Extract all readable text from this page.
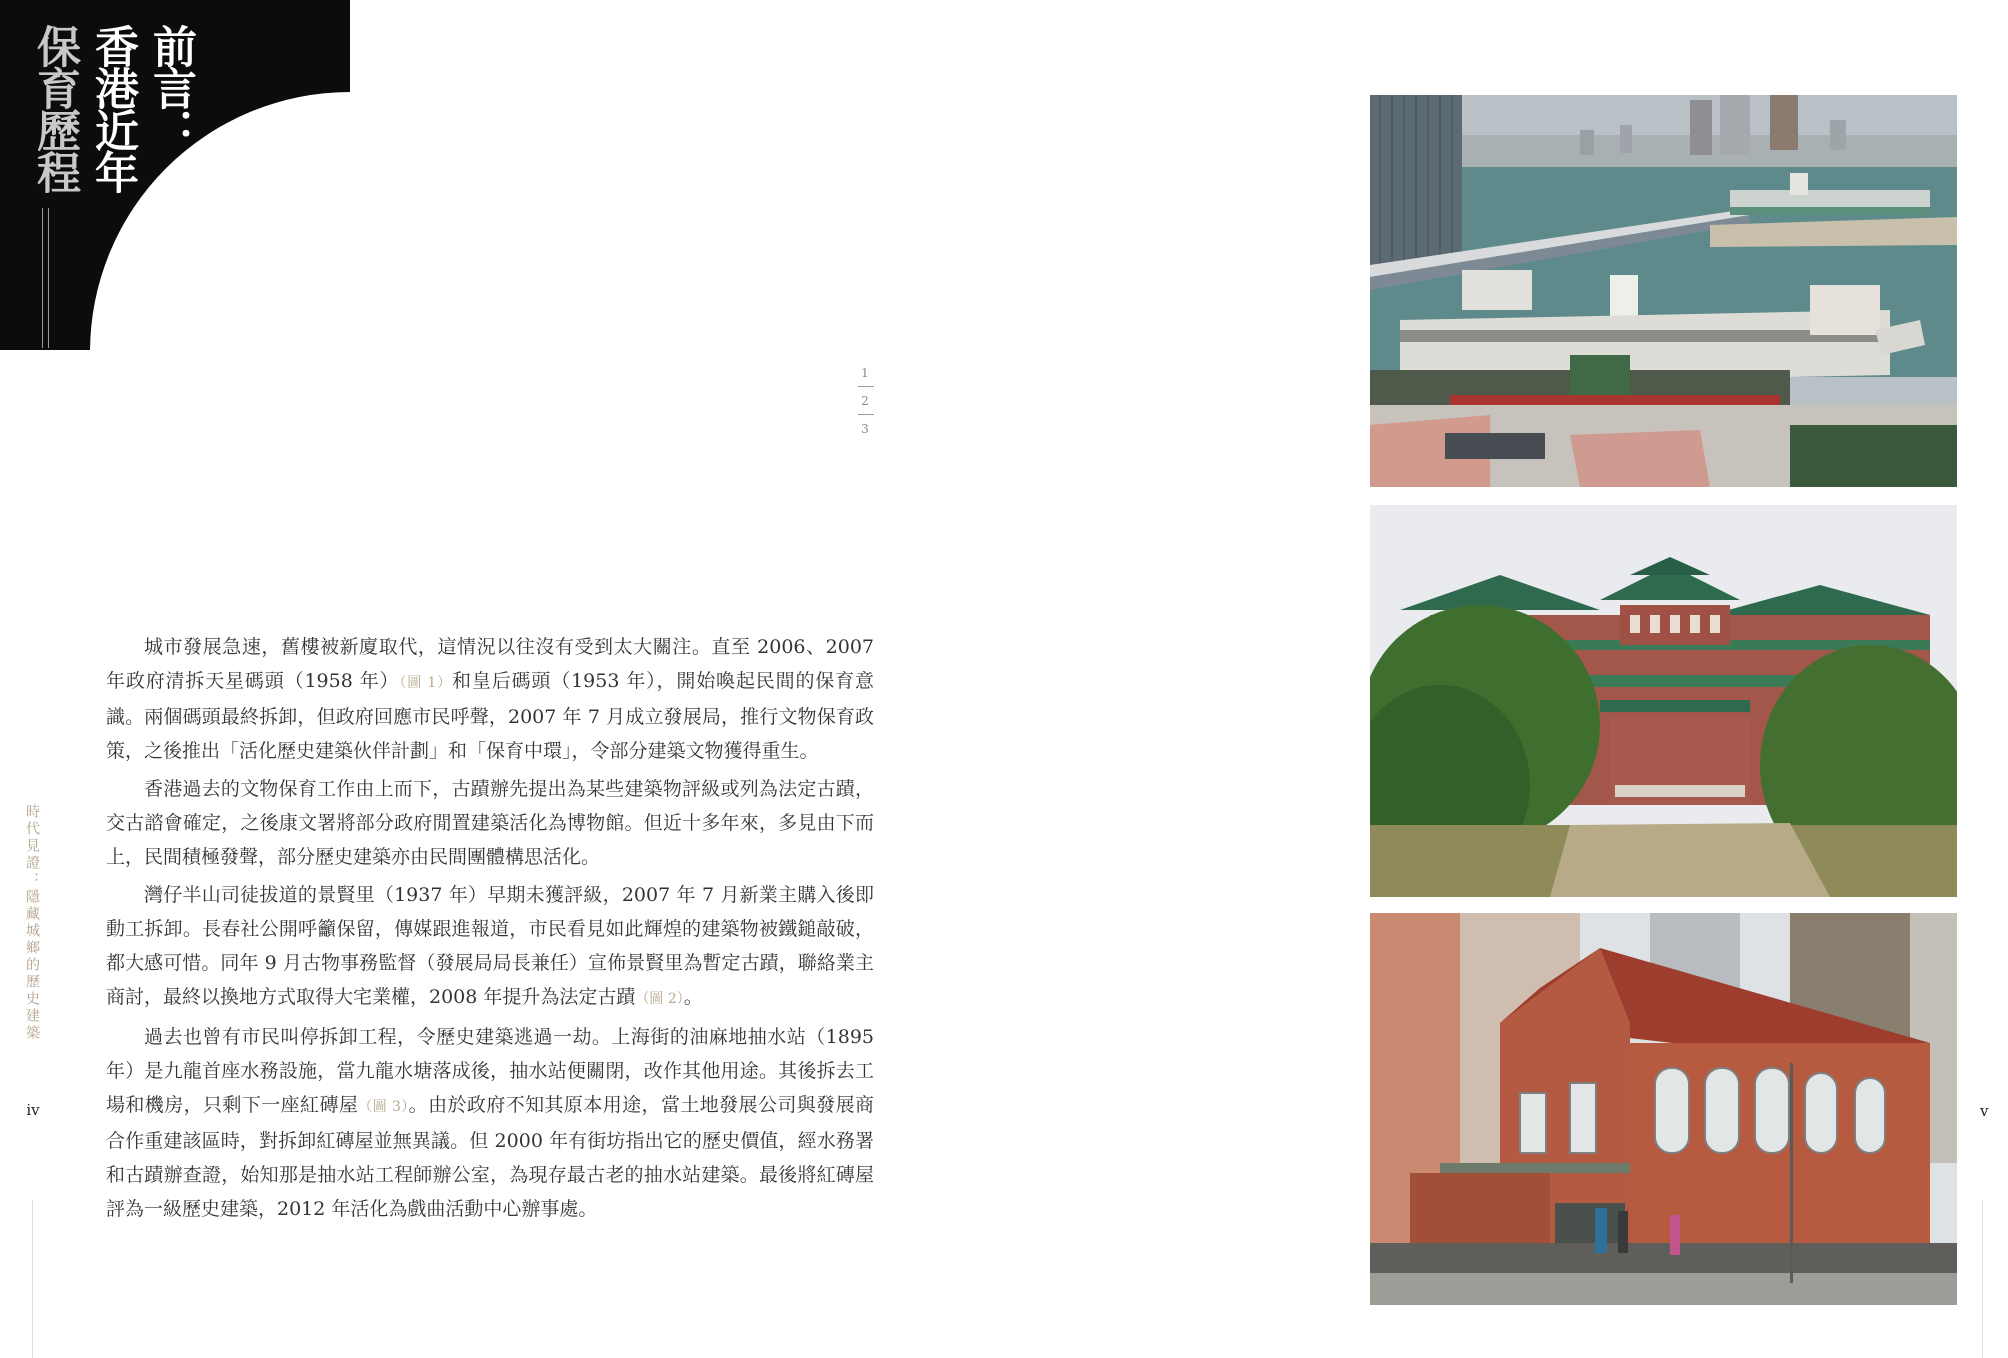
前言：
香港近年
保育歷程
1
2
3

城市發展急速，舊樓被新廈取代，這情況以往沒有受到太大關注。直至 2006、2007 年政府清拆天星碼頭（1958 年）（圖 1）和皇后碼頭（1953 年），開始喚起民間的保育意識。兩個碼頭最終拆卸，但政府回應市民呼聲，2007 年 7 月成立發展局，推行文物保育政策，之後推出「活化歷史建築伙伴計劃」和「保育中環」，令部分建築文物獲得重生。

香港過去的文物保育工作由上而下，古蹟辦先提出為某些建築物評級或列為法定古蹟，交古諮會確定，之後康文署將部分政府閒置建築活化為博物館。但近十多年來，多見由下而上，民間積極發聲，部分歷史建築亦由民間團體構思活化。

灣仔半山司徒拔道的景賢里（1937 年）早期未獲評級，2007 年 7 月新業主購入後即動工拆卸。長春社公開呼籲保留，傳媒跟進報道，市民看見如此輝煌的建築物被鐵鎚敲破，都大感可惜。同年 9 月古物事務監督（發展局局長兼任）宣佈景賢里為暫定古蹟，聯絡業主商討，最終以換地方式取得大宅業權，2008 年提升為法定古蹟（圖 2）。

過去也曾有市民叫停拆卸工程，令歷史建築逃過一劫。上海街的油麻地抽水站（1895 年）是九龍首座水務設施，當九龍水塘落成後，抽水站便關閉，改作其他用途。其後拆去工場和機房，只剩下一座紅磚屋（圖 3）。由於政府不知其原本用途，當土地發展公司與發展商合作重建該區時，對拆卸紅磚屋並無異議。但 2000 年有街坊指出它的歷史價值，經水務署和古蹟辦查證，始知那是抽水站工程師辦公室，為現存最古老的抽水站建築。最後將紅磚屋評為一級歷史建築，2012 年活化為戲曲活動中心辦事處。

時代見證：隱藏城鄉的歷史建築
iv	v
